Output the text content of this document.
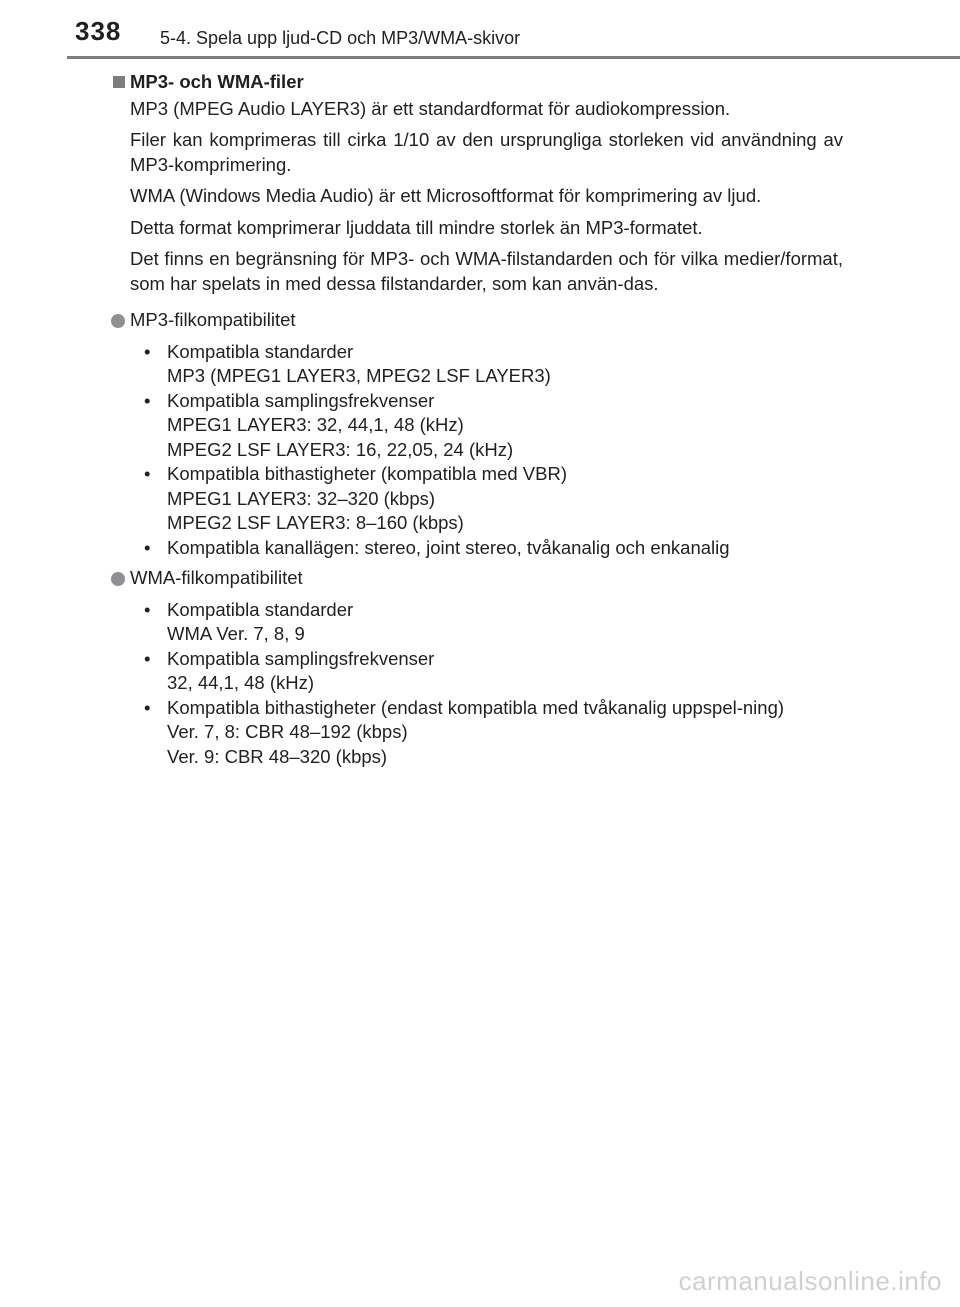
338 5-4. Spela upp ljud-CD och MP3/WMA-skivor
MP3- och WMA-filer

MP3 (MPEG Audio LAYER3) är ett standardformat för audiokompression.

Filer kan komprimeras till cirka 1/10 av den ursprungliga storleken vid användning av MP3-komprimering.

WMA (Windows Media Audio) är ett Microsoftformat för komprimering av ljud.

Detta format komprimerar ljuddata till mindre storlek än MP3-formatet.

Det finns en begränsning för MP3- och WMA-filstandarden och för vilka medier/format, som har spelats in med dessa filstandarder, som kan använ-das.

MP3-filkompatibilitet
• Kompatibla standarder
MP3 (MPEG1 LAYER3, MPEG2 LSF LAYER3)
• Kompatibla samplingsfrekvenser
MPEG1 LAYER3: 32, 44,1, 48 (kHz)
MPEG2 LSF LAYER3: 16, 22,05, 24 (kHz)
• Kompatibla bithastigheter (kompatibla med VBR)
MPEG1 LAYER3: 32–320 (kbps)
MPEG2 LSF LAYER3: 8–160 (kbps)
• Kompatibla kanallägen: stereo, joint stereo, tvåkanalig och enkanalig
WMA-filkompatibilitet
• Kompatibla standarder
WMA Ver. 7, 8, 9
• Kompatibla samplingsfrekvenser
32, 44,1, 48 (kHz)
• Kompatibla bithastigheter (endast kompatibla med tvåkanalig uppspel-ning)
Ver. 7, 8: CBR 48–192 (kbps)
Ver. 9: CBR 48–320 (kbps)
carmanualsonline.info
